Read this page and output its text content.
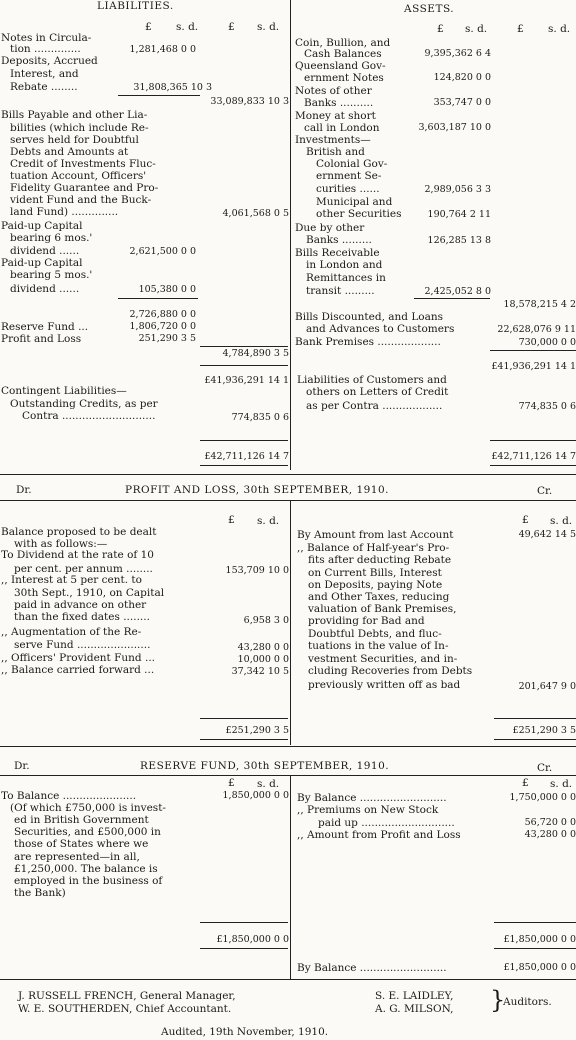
LIABILITIES.	ASSETS.
£ s. d.	£ s. d.	£ s. d.	£ s. d.
Notes in Circula-
tion ..............	1,281,468 0 0
Deposits, Accrued
Interest, and
Rebate ........	31,808,365 10 3
33,089,833 10 3
Bills Payable and other Lia-
bilities (which include Re-
serves held for Doubtful
Debts and Amounts at
Credit of Investments Fluc-
tuation Account, Officers'
Fidelity Guarantee and Pro-
vident Fund and the Buck-
land Fund) ..............	4,061,568 0 5
Paid-up Capital
bearing 6 mos.'
dividend ......	2,621,500 0 0
Paid-up Capital
bearing 5 mos.'
dividend ......	105,380 0 0
2,726,880 0 0
Reserve Fund ...	1,806,720 0 0
Profit and Loss	251,290 3 5
4,784,890 3 5
£41,936,291 14 1
Contingent Liabilities—
Outstanding Credits, as per
Contra ............................	774,835 0 6
£42,711,126 14 7
Coin, Bullion, and
Cash Balances	9,395,362 6 4
Queensland Gov-
ernment Notes	124,820 0 0
Notes of other
Banks ..........	353,747 0 0
Money at short
call in London	3,603,187 10 0
Investments—
British and
Colonial Gov-
ernment Se-
curities ......	2,989,056 3 3
Municipal and
other Securities	190,764 2 11
Due by other
Banks .........	126,285 13 8
Bills Receivable
in London and
Remittances in
transit .........	2,425,052 8 0
18,578,215 4 2
Bills Discounted, and Loans
and Advances to Customers	22,628,076 9 11
Bank Premises ...................	730,000 0 0
£41,936,291 14 1
Liabilities of Customers and
others on Letters of Credit
as per Contra ..................	774,835 0 6
£42,711,126 14 7
Dr.	PROFIT AND LOSS, 30th SEPTEMBER, 1910.	Cr.
£ s. d.	£ s. d.
Balance proposed to be dealt
with as follows:—
To Dividend at the rate of 10
per cent. per annum ........	153,709 10 0
,, Interest at 5 per cent. to
30th Sept., 1910, on Capital
paid in advance on other
than the fixed dates ........	6,958 3 0
,, Augmentation of the Re-
serve Fund ......................	43,280 0 0
,, Officers' Provident Fund ...	10,000 0 0
,, Balance carried forward ...	37,342 10 5
£251,290 3 5
By Amount from last Account	49,642 14 5
,, Balance of Half-year's Pro-
fits after deducting Rebate
on Current Bills, Interest
on Deposits, paying Note
and Other Taxes, reducing
valuation of Bank Premises,
providing for Bad and
Doubtful Debts, and fluc-
tuations in the value of In-
vestment Securities, and in-
cluding Recoveries from Debts
previously written off as bad	201,647 9 0
£251,290 3 5
Dr.	RESERVE FUND, 30th SEPTEMBER, 1910.	Cr.
£ s. d.	£ s. d.
To Balance ......................	1,850,000 0 0
(Of which £750,000 is invest-
ed in British Government
Securities, and £500,000 in
those of States where we
are represented—in all,
£1,250,000. The balance is
employed in the business of
the Bank)
£1,850,000 0 0
By Balance ..........................	1,750,000 0 0
,, Premiums on New Stock
paid up ............................	56,720 0 0
,, Amount from Profit and Loss	43,280 0 0
£1,850,000 0 0
By Balance ..........................	£1,850,000 0 0
J. RUSSELL FRENCH, General Manager,
W. E. SOUTHERDEN, Chief Accountant.
S. E. LAIDLEY,
A. G. MILSON, }
Auditors.
Audited, 19th November, 1910.
